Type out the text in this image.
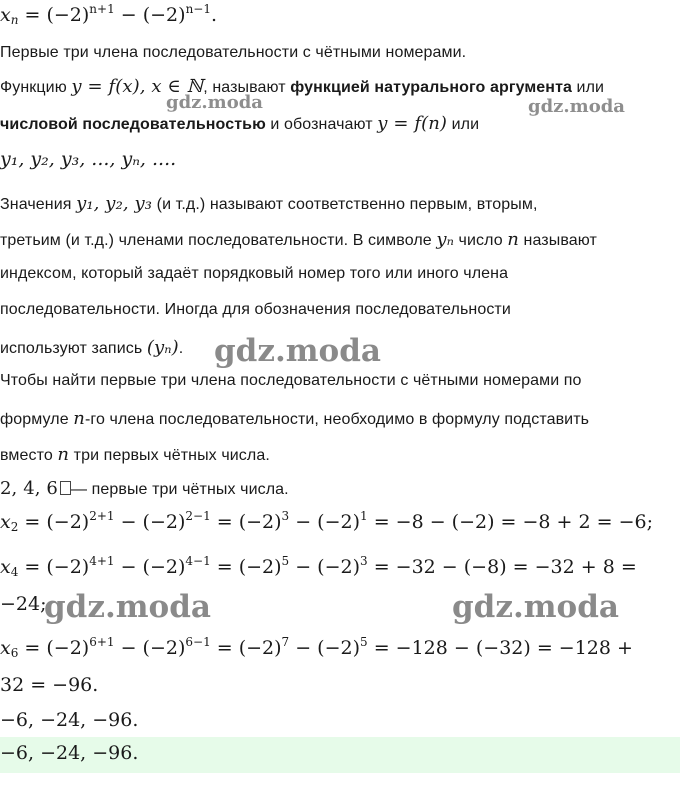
$x_n = (-2)^{n+1} - (-2)^{n-1}$.
Первые три члена последовательности с чётными номерами.
Функцию y = f(x), x ∈ ℕ, называют функцией натурального аргумента или
числовой последовательностью и обозначают y = f(n) или
y₁, y₂, y₃, ..., yₙ, ....
Значения y₁, y₂, y₃ (и т.д.) называют соответственно первым, вторым,
третьим (и т.д.) членами последовательности. В символе yₙ число n называют
индексом, который задаёт порядковый номер того или иного члена
последовательности. Иногда для обозначения последовательности
используют запись (yₙ).
Чтобы найти первые три члена последовательности с чётными номерами по
формуле n-го члена последовательности, необходимо в формулу подставить
вместо n три первых чётных числа.
2, 4, 6 — первые три чётных числа.
$x_2 = (-2)^{2+1} - (-2)^{2-1} = (-2)^3 - (-2)^1 = -8 - (-2) = -8 + 2 = -6$;
$x_4 = (-2)^{4+1} - (-2)^{4-1} = (-2)^5 - (-2)^3 = -32 - (-8) = -32 + 8$ =
−24;
$x_6 = (-2)^{6+1} - (-2)^{6-1} = (-2)^7 - (-2)^5 = -128 - (-32) = -128$ +
32 = −96.
−6, −24, −96.
−6, −24, −96.
gdz.moda	gdz.moda
gdz.moda
gdz.moda	gdz.moda
